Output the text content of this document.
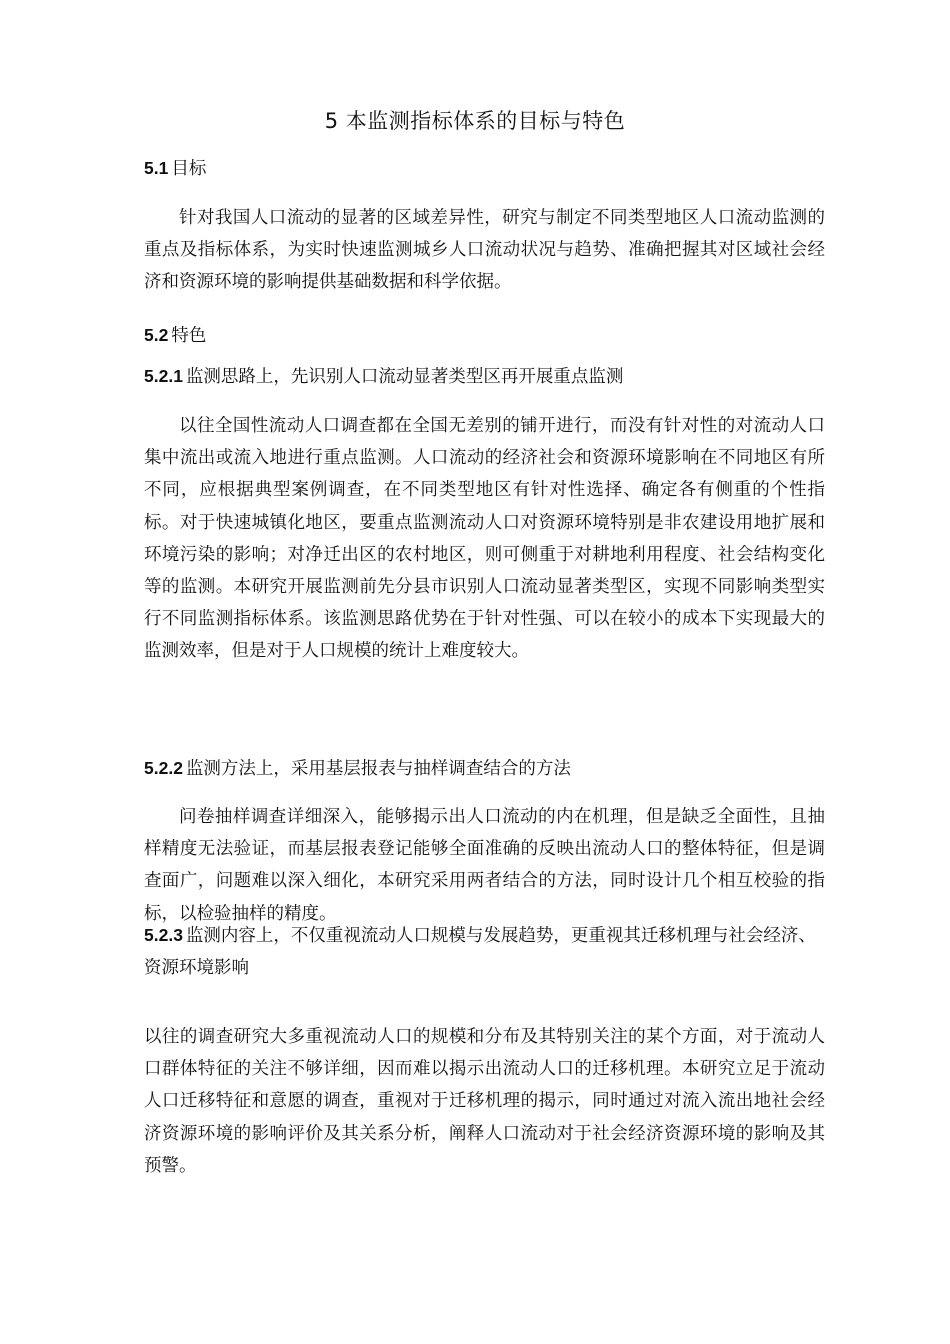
5 本监测指标体系的目标与特色
5.1 目标

针对我国人口流动的显著的区域差异性，研究与制定不同类型地区人口流动监测的重点及指标体系，为实时快速监测城乡人口流动状况与趋势、准确把握其对区域社会经济和资源环境的影响提供基础数据和科学依据。

5.2 特色
5.2.1 监测思路上，先识别人口流动显著类型区再开展重点监测

以往全国性流动人口调查都在全国无差别的铺开进行，而没有针对性的对流动人口集中流出或流入地进行重点监测。人口流动的经济社会和资源环境影响在不同地区有所不同，应根据典型案例调查，在不同类型地区有针对性选择、确定各有侧重的个性指标。对于快速城镇化地区，要重点监测流动人口对资源环境特别是非农建设用地扩展和环境污染的影响；对净迁出区的农村地区，则可侧重于对耕地利用程度、社会结构变化等的监测。本研究开展监测前先分县市识别人口流动显著类型区，实现不同影响类型实行不同监测指标体系。该监测思路优势在于针对性强、可以在较小的成本下实现最大的监测效率，但是对于人口规模的统计上难度较大。

5.2.2 监测方法上，采用基层报表与抽样调查结合的方法

问卷抽样调查详细深入，能够揭示出人口流动的内在机理，但是缺乏全面性，且抽样精度无法验证，而基层报表登记能够全面准确的反映出流动人口的整体特征，但是调查面广，问题难以深入细化，本研究采用两者结合的方法，同时设计几个相互校验的指标，以检验抽样的精度。

5.2.3 监测内容上，不仅重视流动人口规模与发展趋势，更重视其迁移机理与社会经济、资源环境影响

以往的调查研究大多重视流动人口的规模和分布及其特别关注的某个方面，对于流动人口群体特征的关注不够详细，因而难以揭示出流动人口的迁移机理。本研究立足于流动人口迁移特征和意愿的调查，重视对于迁移机理的揭示，同时通过对流入流出地社会经济资源环境的影响评价及其关系分析，阐释人口流动对于社会经济资源环境的影响及其预警。
